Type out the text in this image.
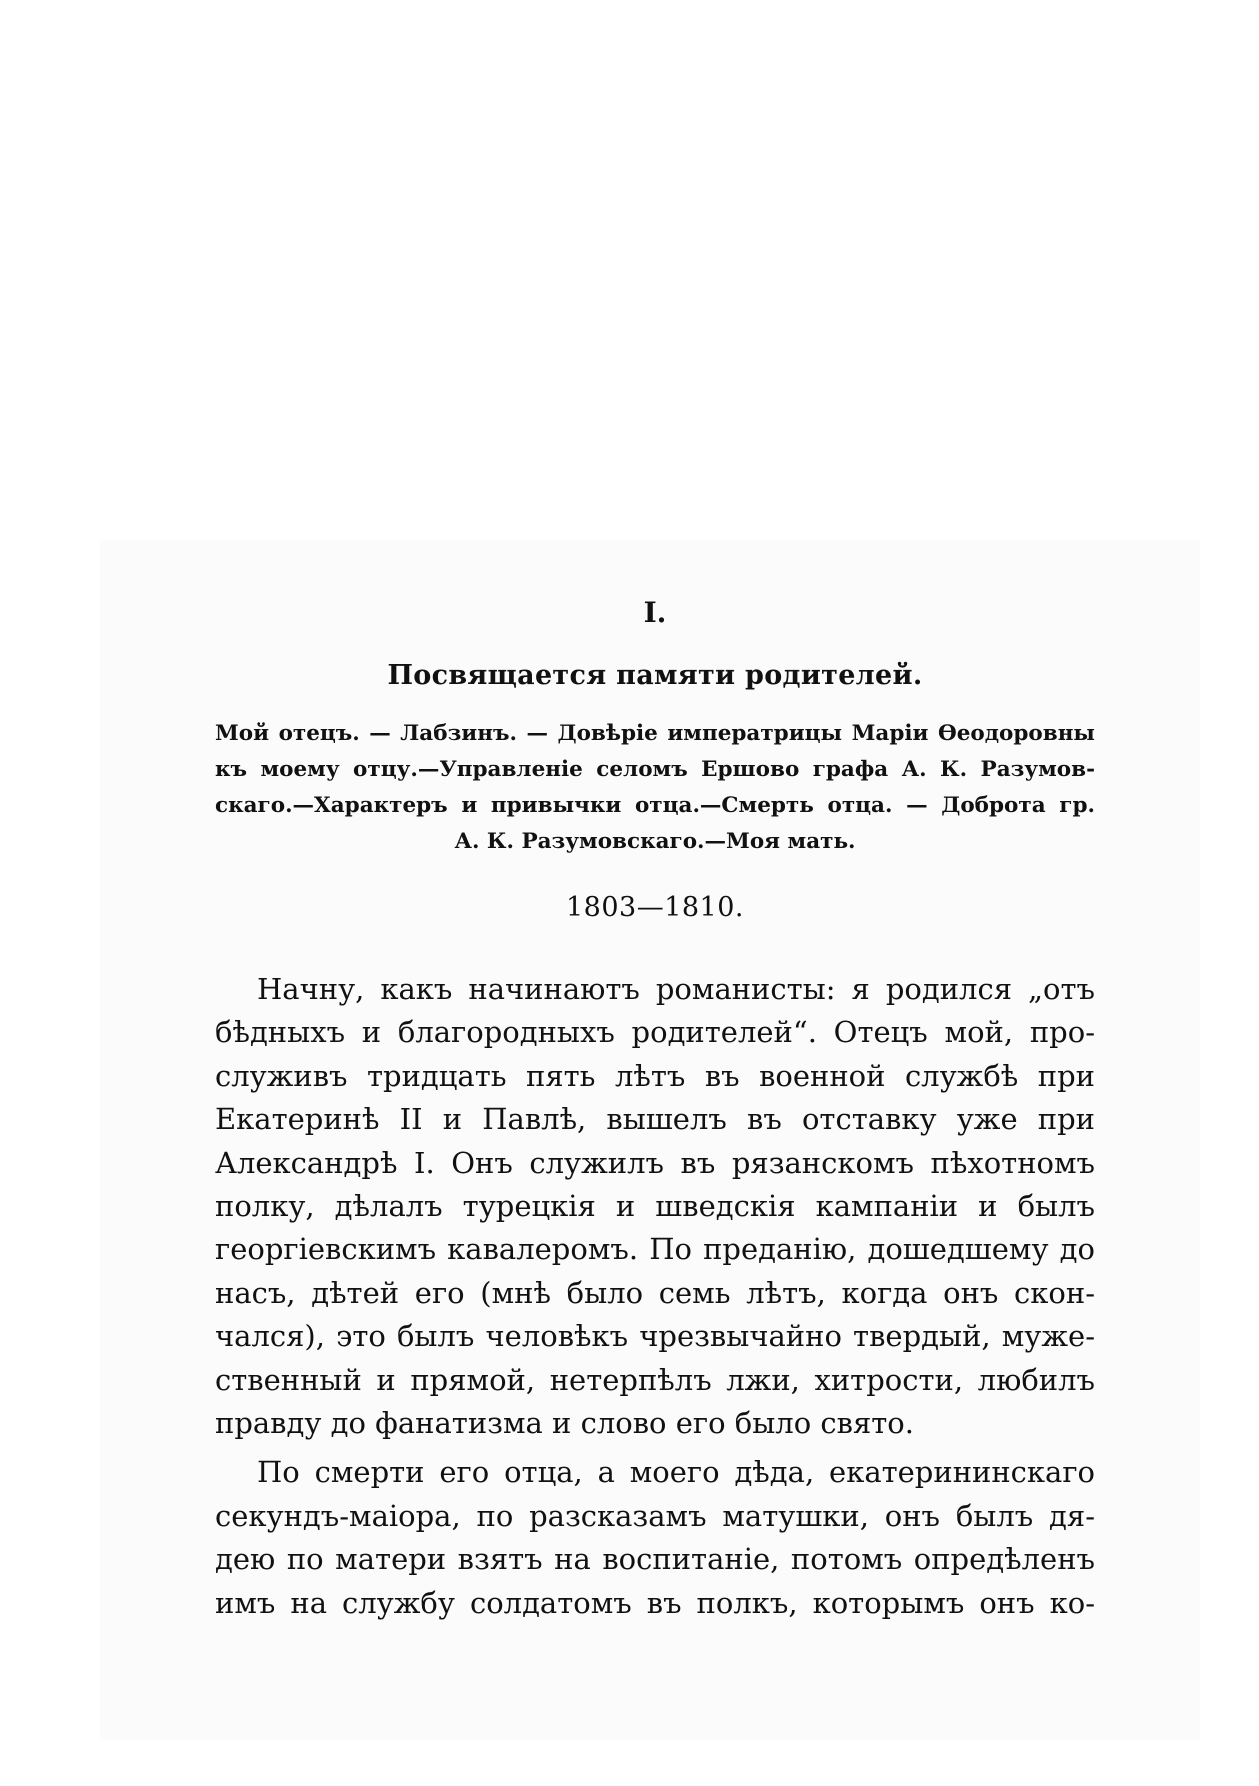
I.
Посвящается памяти родителей.
Мой отецъ. — Лабзинъ. — Довѣріе императрицы Маріи Ѳеодоровны
къ моему отцу.—Управленіе селомъ Ершово графа А. К. Разумов-
скаго.—Характеръ и привычки отца.—Смерть отца. — Доброта гр.
А. К. Разумовскаго.—Моя мать.
1803—1810.
Начну, какъ начинаютъ романисты: я родился „отъ
бѣдныхъ и благородныхъ родителей“. Отецъ мой, про-
служивъ тридцать пять лѣтъ въ военной службѣ при
Екатеринѣ II и Павлѣ, вышелъ въ отставку уже при
Александрѣ I. Онъ служилъ въ рязанскомъ пѣхотномъ
полку, дѣлалъ турецкія и шведскія кампаніи и былъ
георгіевскимъ кавалеромъ. По преданію, дошедшему до
насъ, дѣтей его (мнѣ было семь лѣтъ, когда онъ скон-
чался), это былъ человѣкъ чрезвычайно твердый, муже-
ственный и прямой, нетерпѣлъ лжи, хитрости, любилъ
правду до фанатизма и слово его было свято.
По смерти его отца, а моего дѣда, екатерининскаго
секундъ-маіора, по разсказамъ матушки, онъ былъ дя-
дею по матери взятъ на воспитаніе, потомъ опредѣленъ
имъ на службу солдатомъ въ полкъ, которымъ онъ ко-
